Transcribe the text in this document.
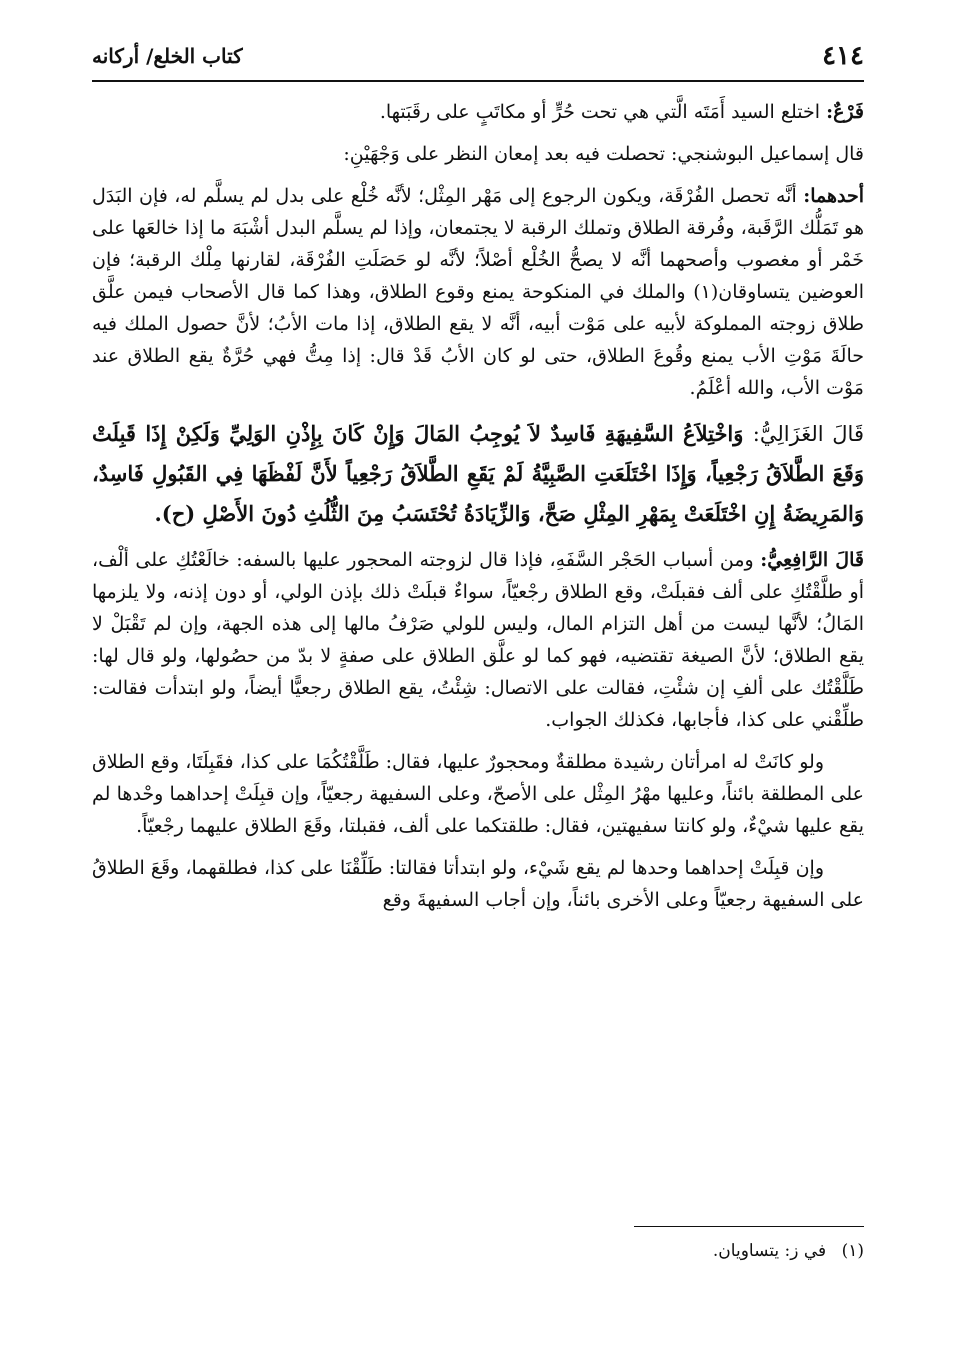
٤١٤
كتاب الخلع/ أركانه

فَرْعٌ: اختلع السيد أَمَتَه الَّتي هي تحت حُرٍّ أو مكاتَبٍ على رقَبَتها.

قال إسماعيل البوشنجي: تحصلت فيه بعد إمعان النظر على وَجْهَيْنِ:

أحدهما: أنَّه تحصل الفُرْقَة، ويكون الرجوع إلى مَهْر المِثْل؛ لأنَّه خُلْع على بدل لم يسلَّم له، فإن البَدَل هو تَمَلُّك الرَّقَبة، وفُرقة الطلاق وتملك الرقبة لا يجتمعان، وإذا لم يسلَّم البدل أشْبَهَ ما إذا خالعَها على خَمْر أو مغصوب وأصحهما أنَّه لا يصحُّ الخُلْع أصْلاً؛ لأنَّه لو حَصَلَتِ الفُرْقَة، لقارنها مِلْك الرقبة؛ فإن العوضين يتساوقان(١) والملك في المنكوحة يمنع وقوع الطلاق، وهذا كما قال الأصحاب فيمن علَّق طلاق زوجته المملوكة لأبيه على مَوْت أبيه، أنَّه لا يقع الطلاق، إذا مات الأبُ؛ لأنَّ حصول الملك فيه حالَةَ مَوْتِ الأب يمنع وقُوعَ الطلاق، حتى لو كان الأبُ قَدْ قال: إذا مِتُّ فهي حُرَّةٌ يقع الطلاق عند مَوْت الأب، والله أعْلَمُ.

قَالَ الغَزَالِيُّ: وَاخْتِلاَعُ السَّفِيهَةِ فَاسِدٌ لاَ يُوجِبُ المَالَ وَإِنْ كَانَ بِإِذْنِ الوَلِيِّ وَلَكِنْ إِذَا قَبِلَتْ وَقَعَ الطَّلاَقُ رَجْعِياً، وَإِذَا اخْتَلَعَتِ الصَّبِيَّةُ لَمْ يَقَعِ الطَّلاَقُ رَجْعِياً لأَنَّ لَفْظَهَا فِي القَبُولِ فَاسِدٌ، وَالمَرِيضَةُ إِنِ اخْتَلَعَتْ بِمَهْرِ المِثْلِ صَحَّ، وَالزِّيَادَةُ تُحْتَسَبُ مِنَ الثُّلُثِ دُونَ الأَصْلِ (ح).

قَالَ الرَّافِعِيُّ: ومن أسباب الحَجْر السَّفَهِ، فإذا قال لزوجته المحجور عليها بالسفه: خالَعْتُكِ على ألْف، أو طلَّقْتُكِ على ألف فقبلَتْ، وقع الطلاق رجْعيّاً، سواءٌ قبلَتْ ذلك بإذن الولي، أو دون إذنه، ولا يلزمها المَالُ؛ لأنَّها ليست من أهل التزام المال، وليس للولي صَرْفُ مالها إلى هذه الجهة، وإن لم تَقْبَلْ لا يقع الطلاق؛ لأنَّ الصيغة تقتضيه، فهو كما لو علَّق الطلاق على صفةٍ لا بدّ من حصُولها، ولو قال لها: طَلَّقْتُك على ألفِ إن شئْتِ، فقالت على الاتصال: شِئْتُ، يقع الطلاق رجعيًّا أيضاً، ولو ابتدأت فقالت: طلِّقْني على كذا، فأجابها، فكذلك الجواب.

ولو كانَتْ له امرأتان رشيدة مطلقةٌ ومحجورٌ عليها، فقال: طَلَّقْتُكُمَا على كذا، فقَبِلَتَا، وقع الطلاق على المطلقة بائناً، وعليها مهْرُ المِثْل على الأصحّ، وعلى السفيهة رجعيّاً، وإن قبِلَتْ إحداهما وحْدها لم يقع عليها شيْءٌ، ولو كانتا سفيهتين، فقال: طلقتكما على ألف، فقبلتا، وقَعَ الطلاق عليهما رجْعيّاً.

وإن قبِلَتْ إحداهما وحدها لم يقع شَيْء، ولو ابتدأتا فقالتا: طَلِّقْنَا على كذا، فطلقهما، وقَعَ الطلاقُ على السفيهة رجعيّاً وعلى الأخرى بائناً، وإن أجاب السفيهةَ وقع

(١) في ز: يتساويان.
